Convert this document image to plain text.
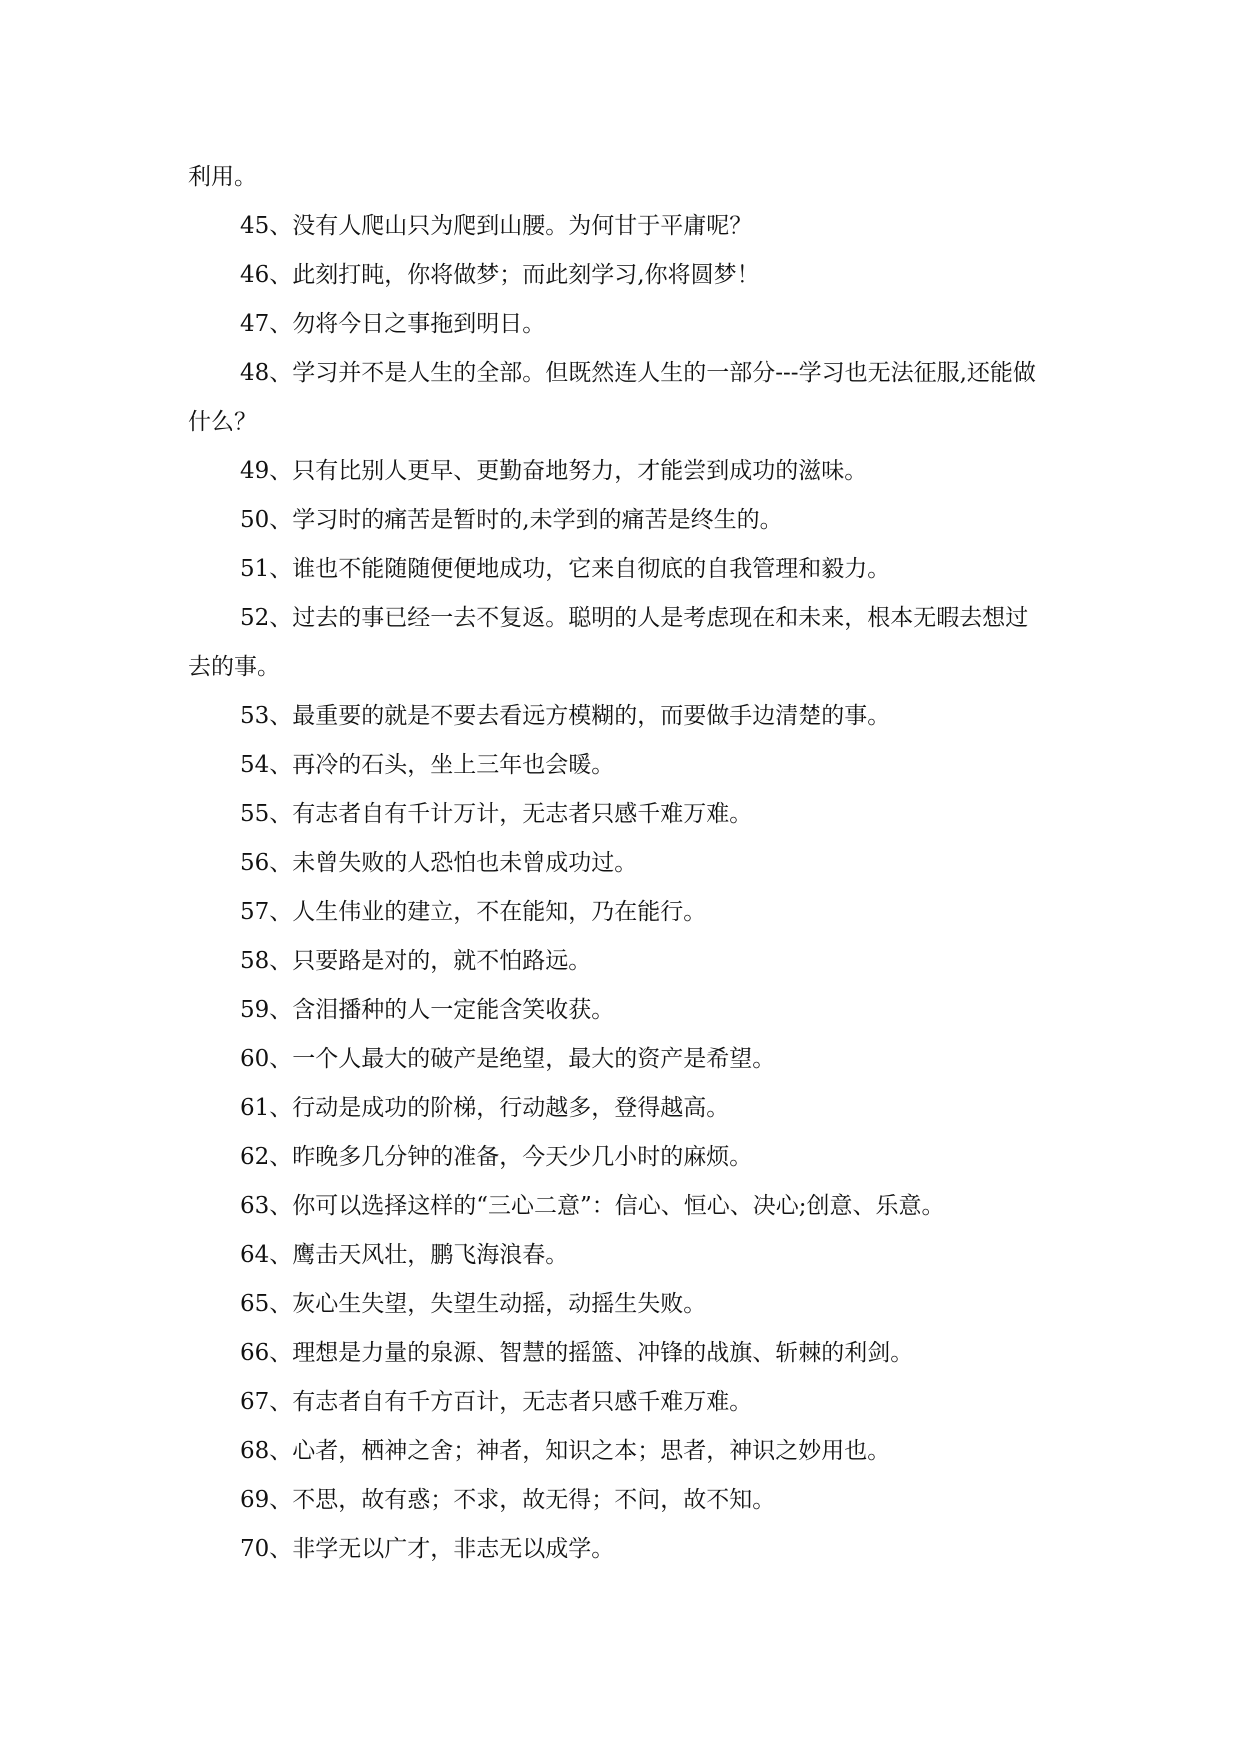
利用。

45、没有人爬山只为爬到山腰。为何甘于平庸呢？

46、此刻打盹，你将做梦；而此刻学习,你将圆梦！

47、勿将今日之事拖到明日。

48、学习并不是人生的全部。但既然连人生的一部分---学习也无法征服,还能做什么？

49、只有比别人更早、更勤奋地努力，才能尝到成功的滋味。

50、学习时的痛苦是暂时的,未学到的痛苦是终生的。

51、谁也不能随随便便地成功，它来自彻底的自我管理和毅力。

52、过去的事已经一去不复返。聪明的人是考虑现在和未来，根本无暇去想过去的事。

53、最重要的就是不要去看远方模糊的，而要做手边清楚的事。

54、再冷的石头，坐上三年也会暖。

55、有志者自有千计万计，无志者只感千难万难。

56、未曾失败的人恐怕也未曾成功过。

57、人生伟业的建立，不在能知，乃在能行。

58、只要路是对的，就不怕路远。

59、含泪播种的人一定能含笑收获。

60、一个人最大的破产是绝望，最大的资产是希望。

61、行动是成功的阶梯，行动越多，登得越高。

62、昨晚多几分钟的准备，今天少几小时的麻烦。

63、你可以选择这样的“三心二意”：信心、恒心、决心;创意、乐意。

64、鹰击天风壮，鹏飞海浪春。

65、灰心生失望，失望生动摇，动摇生失败。

66、理想是力量的泉源、智慧的摇篮、冲锋的战旗、斩棘的利剑。

67、有志者自有千方百计，无志者只感千难万难。

68、心者，栖神之舍；神者，知识之本；思者，神识之妙用也。

69、不思，故有惑；不求，故无得；不问，故不知。

70、非学无以广才，非志无以成学。
